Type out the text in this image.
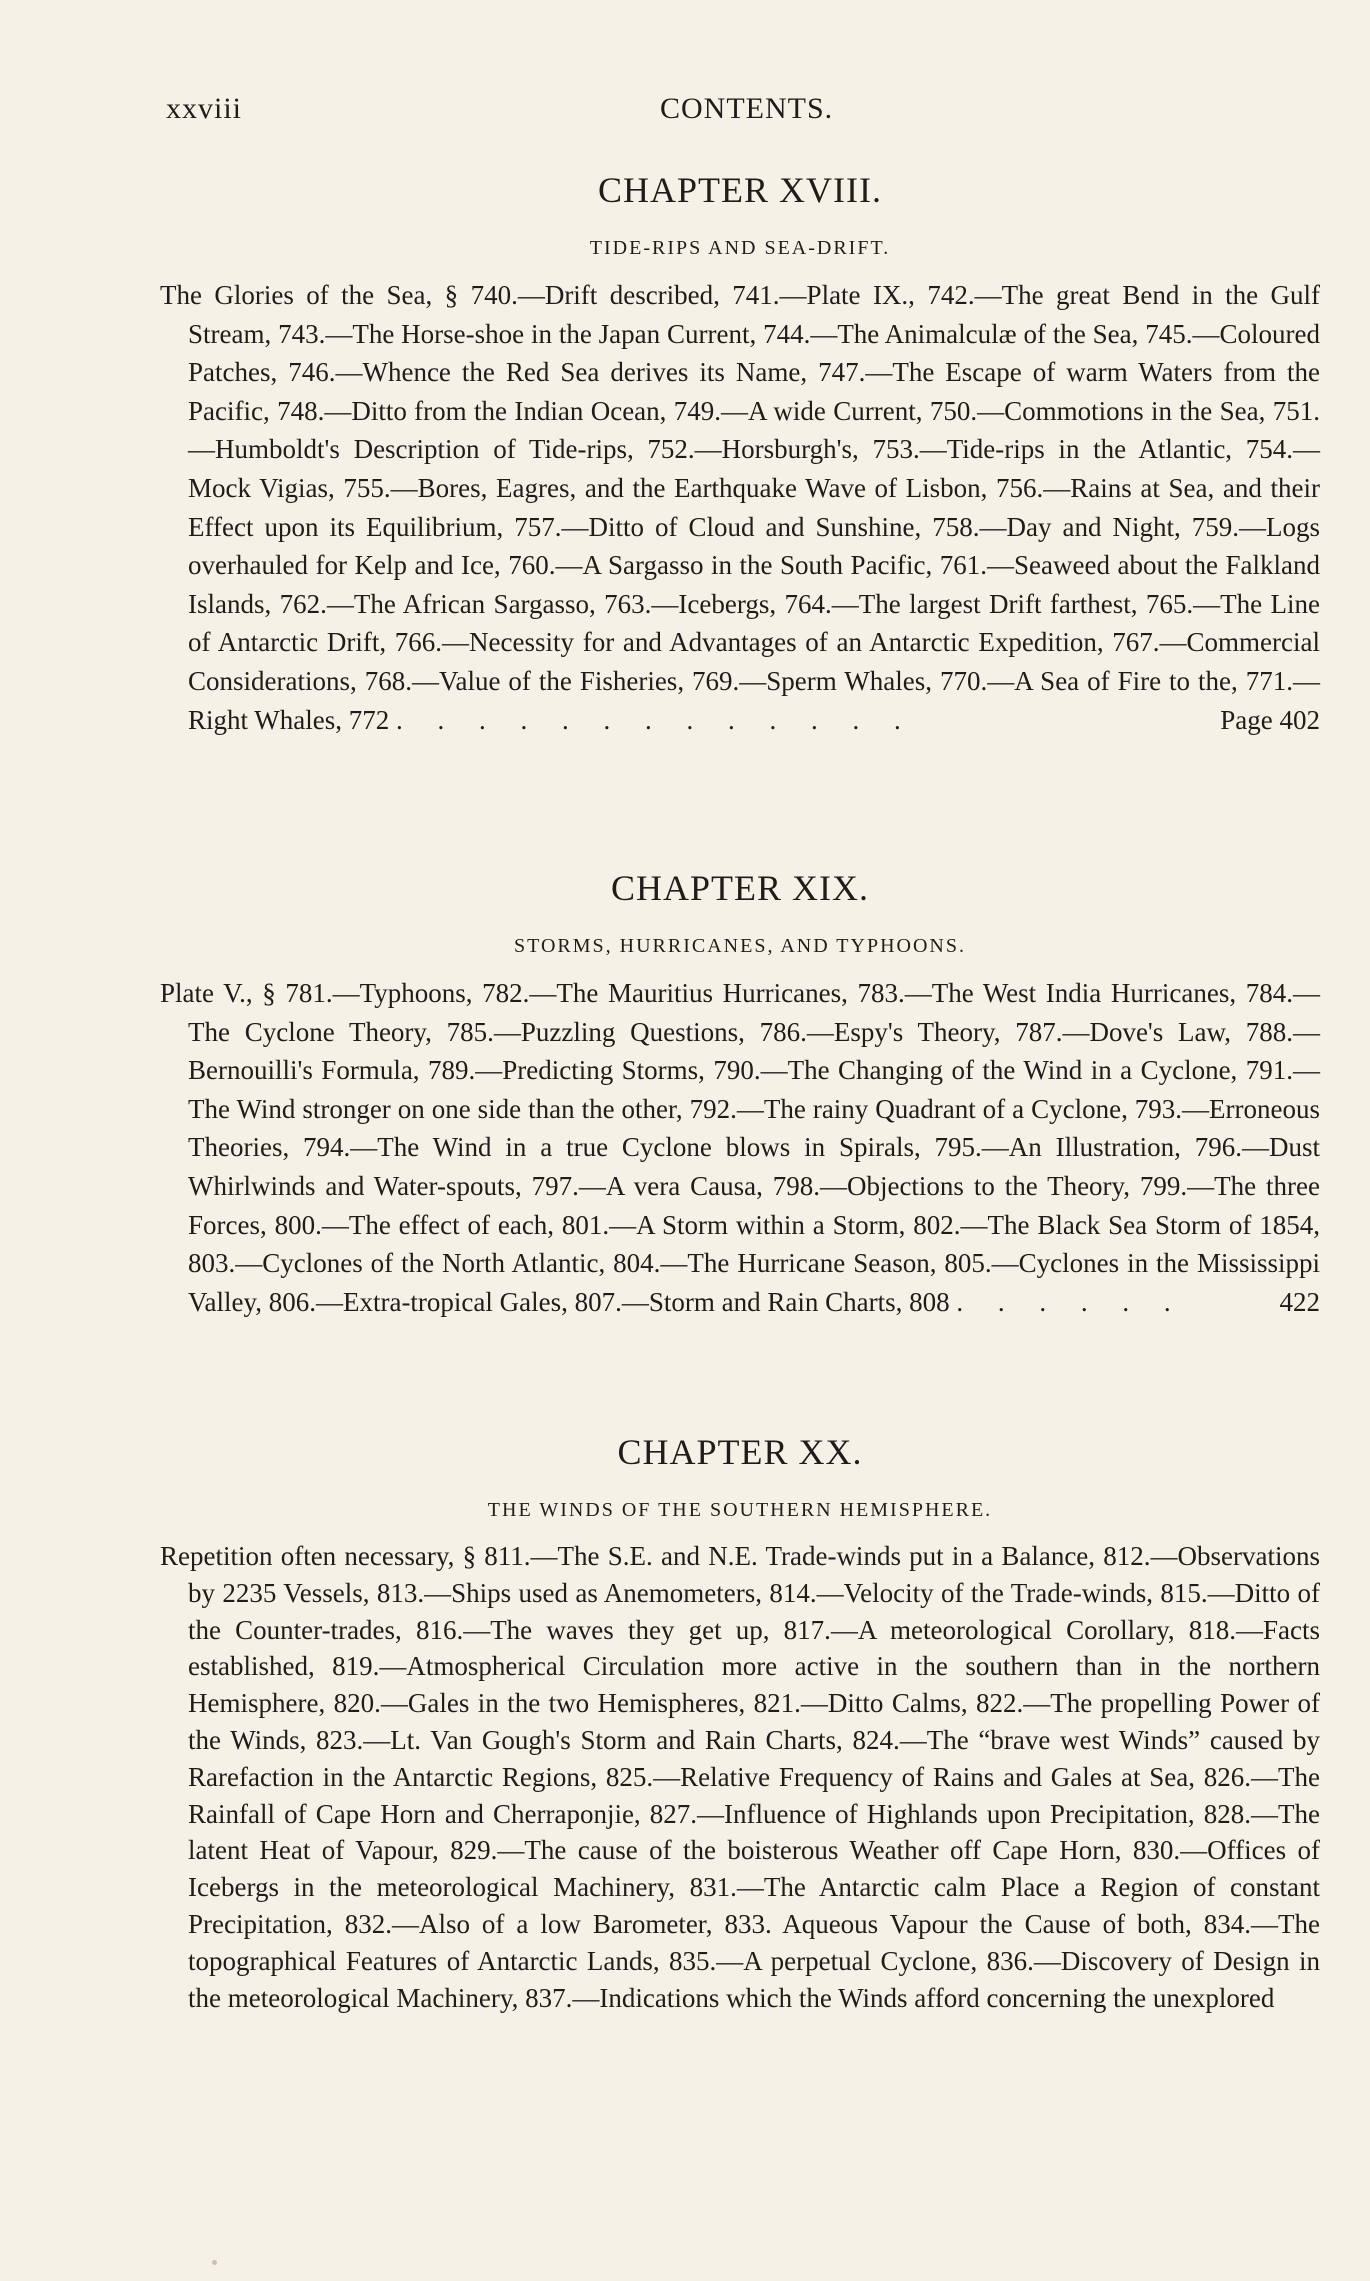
xxviii	CONTENTS.
CHAPTER XVIII.

TIDE-RIPS AND SEA-DRIFT.

The Glories of the Sea, § 740.—Drift described, 741.—Plate IX., 742.—The great Bend in the Gulf Stream, 743.—The Horse-shoe in the Japan Current, 744.—The Animalculæ of the Sea, 745.—Coloured Patches, 746.—Whence the Red Sea derives its Name, 747.—The Escape of warm Waters from the Pacific, 748.—Ditto from the Indian Ocean, 749.—A wide Current, 750.—Commotions in the Sea, 751.—Humboldt's Description of Tide-rips, 752.—Horsburgh's, 753.—Tide-rips in the Atlantic, 754.—Mock Vigias, 755.—Bores, Eagres, and the Earthquake Wave of Lisbon, 756.—Rains at Sea, and their Effect upon its Equilibrium, 757.—Ditto of Cloud and Sunshine, 758.—Day and Night, 759.—Logs overhauled for Kelp and Ice, 760.—A Sargasso in the South Pacific, 761.—Seaweed about the Falkland Islands, 762.—The African Sargasso, 763.—Icebergs, 764.—The largest Drift farthest, 765.—The Line of Antarctic Drift, 766.—Necessity for and Advantages of an Antarctic Expedition, 767.—Commercial Considerations, 768.—Value of the Fisheries, 769.—Sperm Whales, 770.—A Sea of Fire to the, 771.—Right Whales, 772 . . . . . . . . . . . . .	Page 402

CHAPTER XIX.

STORMS, HURRICANES, AND TYPHOONS.

Plate V., § 781.—Typhoons, 782.—The Mauritius Hurricanes, 783.—The West India Hurricanes, 784.—The Cyclone Theory, 785.—Puzzling Questions, 786.—Espy's Theory, 787.—Dove's Law, 788.—Bernouilli's Formula, 789.—Predicting Storms, 790.—The Changing of the Wind in a Cyclone, 791.—The Wind stronger on one side than the other, 792.—The rainy Quadrant of a Cyclone, 793.—Erroneous Theories, 794.—The Wind in a true Cyclone blows in Spirals, 795.—An Illustration, 796.—Dust Whirlwinds and Water-spouts, 797.—A vera Causa, 798.—Objections to the Theory, 799.—The three Forces, 800.—The effect of each, 801.—A Storm within a Storm, 802.—The Black Sea Storm of 1854, 803.—Cyclones of the North Atlantic, 804.—The Hurricane Season, 805.—Cyclones in the Mississippi Valley, 806.—Extra-tropical Gales, 807.—Storm and Rain Charts, 808 . . . . . .	422

CHAPTER XX.

THE WINDS OF THE SOUTHERN HEMISPHERE.

Repetition often necessary, § 811.—The S.E. and N.E. Trade-winds put in a Balance, 812.—Observations by 2235 Vessels, 813.—Ships used as Anemometers, 814.—Velocity of the Trade-winds, 815.—Ditto of the Counter-trades, 816.—The waves they get up, 817.—A meteorological Corollary, 818.—Facts established, 819.—Atmospherical Circulation more active in the southern than in the northern Hemisphere, 820.—Gales in the two Hemispheres, 821.—Ditto Calms, 822.—The propelling Power of the Winds, 823.—Lt. Van Gough's Storm and Rain Charts, 824.—The “brave west Winds” caused by Rarefaction in the Antarctic Regions, 825.—Relative Frequency of Rains and Gales at Sea, 826.—The Rainfall of Cape Horn and Cherraponjie, 827.—Influence of Highlands upon Precipitation, 828.—The latent Heat of Vapour, 829.—The cause of the boisterous Weather off Cape Horn, 830.—Offices of Icebergs in the meteorological Machinery, 831.—The Antarctic calm Place a Region of constant Precipitation, 832.—Also of a low Barometer, 833. Aqueous Vapour the Cause of both, 834.—The topographical Features of Antarctic Lands, 835.—A perpetual Cyclone, 836.—Discovery of Design in the meteorological Machinery, 837.—Indications which the Winds afford concerning the unexplored
